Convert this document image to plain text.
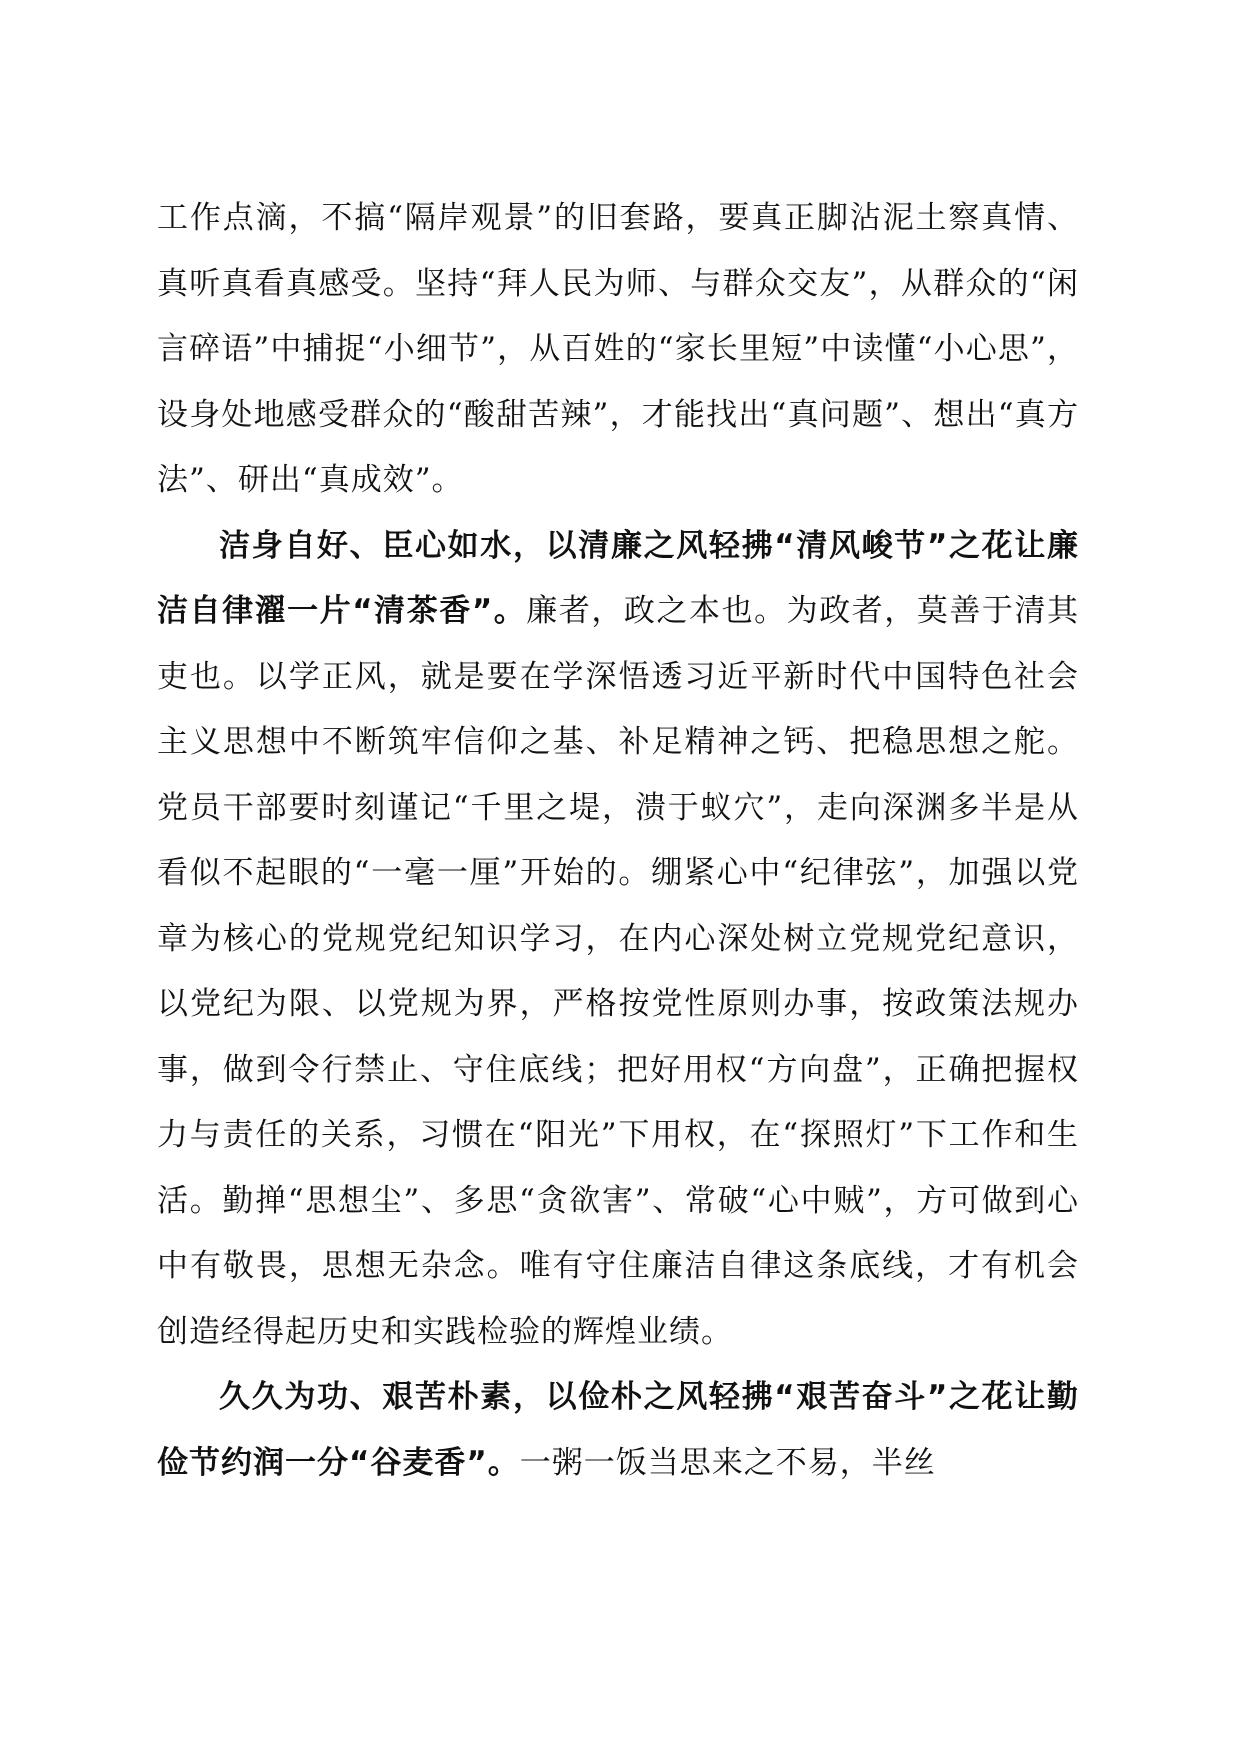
工作点滴，不搞“隔岸观景”的旧套路，要真正脚沾泥土察真情、真听真看真感受。坚持“拜人民为师、与群众交友”，从群众的“闲言碎语”中捕捉“小细节”，从百姓的“家长里短”中读懂“小心思”，设身处地感受群众的“酸甜苦辣”，才能找出“真问题”、想出“真方法”、研出“真成效”。

洁身自好、臣心如水，以清廉之风轻拂“清风峻节”之花让廉洁自律濯一片“清茶香”。廉者，政之本也。为政者，莫善于清其吏也。以学正风，就是要在学深悟透习近平新时代中国特色社会主义思想中不断筑牢信仰之基、补足精神之钙、把稳思想之舵。党员干部要时刻谨记“千里之堤，溃于蚁穴”，走向深渊多半是从看似不起眼的“一毫一厘”开始的。绷紧心中“纪律弦”，加强以党章为核心的党规党纪知识学习，在内心深处树立党规党纪意识，以党纪为限、以党规为界，严格按党性原则办事，按政策法规办事，做到令行禁止、守住底线；把好用权“方向盘”，正确把握权力与责任的关系，习惯在“阳光”下用权，在“探照灯”下工作和生活。勤掸“思想尘”、多思“贪欲害”、常破“心中贼”，方可做到心中有敬畏，思想无杂念。唯有守住廉洁自律这条底线，才有机会创造经得起历史和实践检验的辉煌业绩。

久久为功、艰苦朴素，以俭朴之风轻拂“艰苦奋斗”之花让勤俭节约润一分“谷麦香”。一粥一饭当思来之不易，半丝
